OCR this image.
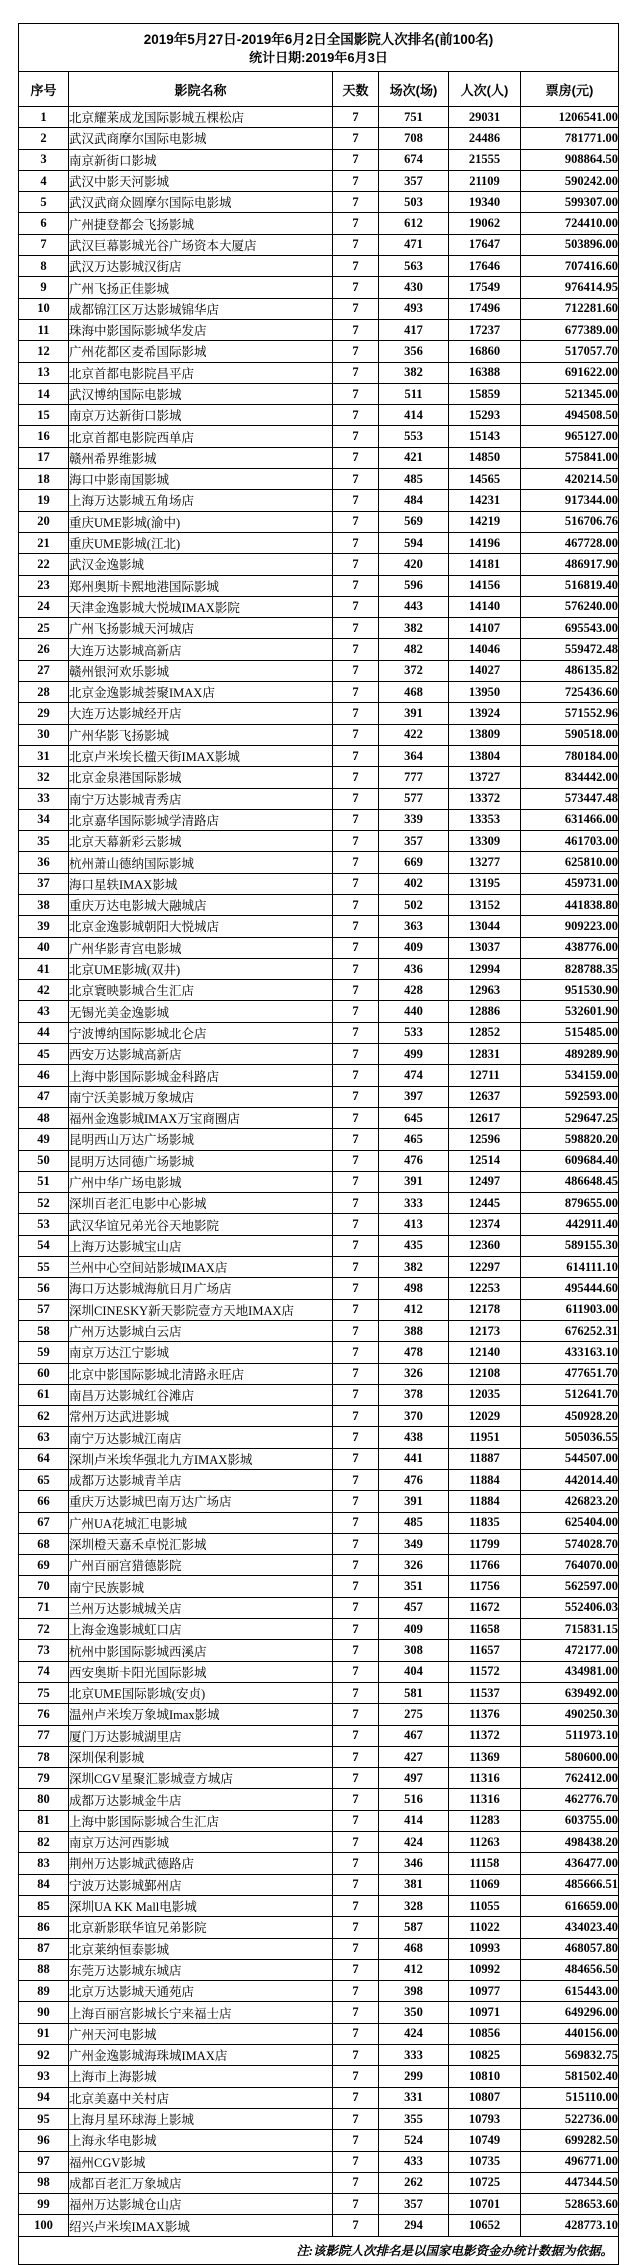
2019年5月27日-2019年6月2日全国影院人次排名(前100名)
统计日期:2019年6月3日					

序号	影院名称	天数	场次(场)	人次(人)	票房(元)
1	北京耀莱成龙国际影城五棵松店	7	751	29031	1206541.00
2	武汉武商摩尔国际电影城	7	708	24486	781771.00
3	南京新街口影城	7	674	21555	908864.50
4	武汉中影天河影城	7	357	21109	590242.00
5	武汉武商众圆摩尔国际电影城	7	503	19340	599307.00
6	广州捷登都会飞扬影城	7	612	19062	724410.00
7	武汉巨幕影城光谷广场资本大厦店	7	471	17647	503896.00
8	武汉万达影城汉街店	7	563	17646	707416.60
9	广州飞扬正佳影城	7	430	17549	976414.95
10	成都锦江区万达影城锦华店	7	493	17496	712281.60
11	珠海中影国际影城华发店	7	417	17237	677389.00
12	广州花都区麦希国际影城	7	356	16860	517057.70
13	北京首都电影院昌平店	7	382	16388	691622.00
14	武汉博纳国际电影城	7	511	15859	521345.00
15	南京万达新街口影城	7	414	15293	494508.50
16	北京首都电影院西单店	7	553	15143	965127.00
17	赣州希界维影城	7	421	14850	575841.00
18	海口中影南国影城	7	485	14565	420214.50
19	上海万达影城五角场店	7	484	14231	917344.00
20	重庆UME影城(渝中)	7	569	14219	516706.76
21	重庆UME影城(江北)	7	594	14196	467728.00
22	武汉金逸影城	7	420	14181	486917.90
23	郑州奥斯卡熙地港国际影城	7	596	14156	516819.40
24	天津金逸影城大悦城IMAX影院	7	443	14140	576240.00
25	广州飞扬影城天河城店	7	382	14107	695543.00
26	大连万达影城高新店	7	482	14046	559472.48
27	赣州银河欢乐影城	7	372	14027	486135.82
28	北京金逸影城荟聚IMAX店	7	468	13950	725436.60
29	大连万达影城经开店	7	391	13924	571552.96
30	广州华影飞扬影城	7	422	13809	590518.00
31	北京卢米埃长楹天街IMAX影城	7	364	13804	780184.00
32	北京金泉港国际影城	7	777	13727	834442.00
33	南宁万达影城青秀店	7	577	13372	573447.48
34	北京嘉华国际影城学清路店	7	339	13353	631466.00
35	北京天幕新彩云影城	7	357	13309	461703.00
36	杭州萧山德纳国际影城	7	669	13277	625810.00
37	海口星轶IMAX影城	7	402	13195	459731.00
38	重庆万达电影城大融城店	7	502	13152	441838.80
39	北京金逸影城朝阳大悦城店	7	363	13044	909223.00
40	广州华影青宫电影城	7	409	13037	438776.00
41	北京UME影城(双井)	7	436	12994	828788.35
42	北京寰映影城合生汇店	7	428	12963	951530.90
43	无锡光美金逸影城	7	440	12886	532601.90
44	宁波博纳国际影城北仑店	7	533	12852	515485.00
45	西安万达影城高新店	7	499	12831	489289.90
46	上海中影国际影城金科路店	7	474	12711	534159.00
47	南宁沃美影城万象城店	7	397	12637	592593.00
48	福州金逸影城IMAX万宝商圈店	7	645	12617	529647.25
49	昆明西山万达广场影城	7	465	12596	598820.20
50	昆明万达同德广场影城	7	476	12514	609684.40
51	广州中华广场电影城	7	391	12497	486648.45
52	深圳百老汇电影中心影城	7	333	12445	879655.00
53	武汉华谊兄弟光谷天地影院	7	413	12374	442911.40
54	上海万达影城宝山店	7	435	12360	589155.30
55	兰州中心空间站影城IMAX店	7	382	12297	614111.10
56	海口万达影城海航日月广场店	7	498	12253	495444.60
57	深圳CINESKY新天影院壹方天地IMAX店	7	412	12178	611903.00
58	广州万达影城白云店	7	388	12173	676252.31
59	南京万达江宁影城	7	478	12140	433163.10
60	北京中影国际影城北清路永旺店	7	326	12108	477651.70
61	南昌万达影城红谷滩店	7	378	12035	512641.70
62	常州万达武进影城	7	370	12029	450928.20
63	南宁万达影城江南店	7	438	11951	505036.55
64	深圳卢米埃华强北九方IMAX影城	7	441	11887	544507.00
65	成都万达影城青羊店	7	476	11884	442014.40
66	重庆万达影城巴南万达广场店	7	391	11884	426823.20
67	广州UA花城汇电影城	7	485	11835	625404.00
68	深圳橙天嘉禾卓悦汇影城	7	349	11799	574028.70
69	广州百丽宫猎德影院	7	326	11766	764070.00
70	南宁民族影城	7	351	11756	562597.00
71	兰州万达影城城关店	7	457	11672	552406.03
72	上海金逸影城虹口店	7	409	11658	715831.15
73	杭州中影国际影城西溪店	7	308	11657	472177.00
74	西安奥斯卡阳光国际影城	7	404	11572	434981.00
75	北京UME国际影城(安贞)	7	581	11537	639492.00
76	温州卢米埃万象城Imax影城	7	275	11376	490250.30
77	厦门万达影城湖里店	7	467	11372	511973.10
78	深圳保利影城	7	427	11369	580600.00
79	深圳CGV星聚汇影城壹方城店	7	497	11316	762412.00
80	成都万达影城金牛店	7	516	11316	462776.70
81	上海中影国际影城合生汇店	7	414	11283	603755.00
82	南京万达河西影城	7	424	11263	498438.20
83	荆州万达影城武德路店	7	346	11158	436477.00
84	宁波万达影城鄞州店	7	381	11069	485666.51
85	深圳UA KK Mall电影城	7	328	11055	616659.00
86	北京新影联华谊兄弟影院	7	587	11022	434023.40
87	北京莱纳恒泰影城	7	468	10993	468057.80
88	东莞万达影城东城店	7	412	10992	484656.50
89	北京万达影城天通苑店	7	398	10977	615443.00
90	上海百丽宫影城长宁来福士店	7	350	10971	649296.00
91	广州天河电影城	7	424	10856	440156.00
92	广州金逸影城海珠城IMAX店	7	333	10825	569832.75
93	上海市上海影城	7	299	10810	581502.40
94	北京美嘉中关村店	7	331	10807	515110.00
95	上海月星环球海上影城	7	355	10793	522736.00
96	上海永华电影城	7	524	10749	699282.50
97	福州CGV影城	7	433	10735	496771.00
98	成都百老汇万象城店	7	262	10725	447344.50
99	福州万达影城仓山店	7	357	10701	528653.60
100	绍兴卢米埃IMAX影城	7	294	10652	428773.10
注:该影院人次排名是以国家电影资金办统计数据为依据。					
